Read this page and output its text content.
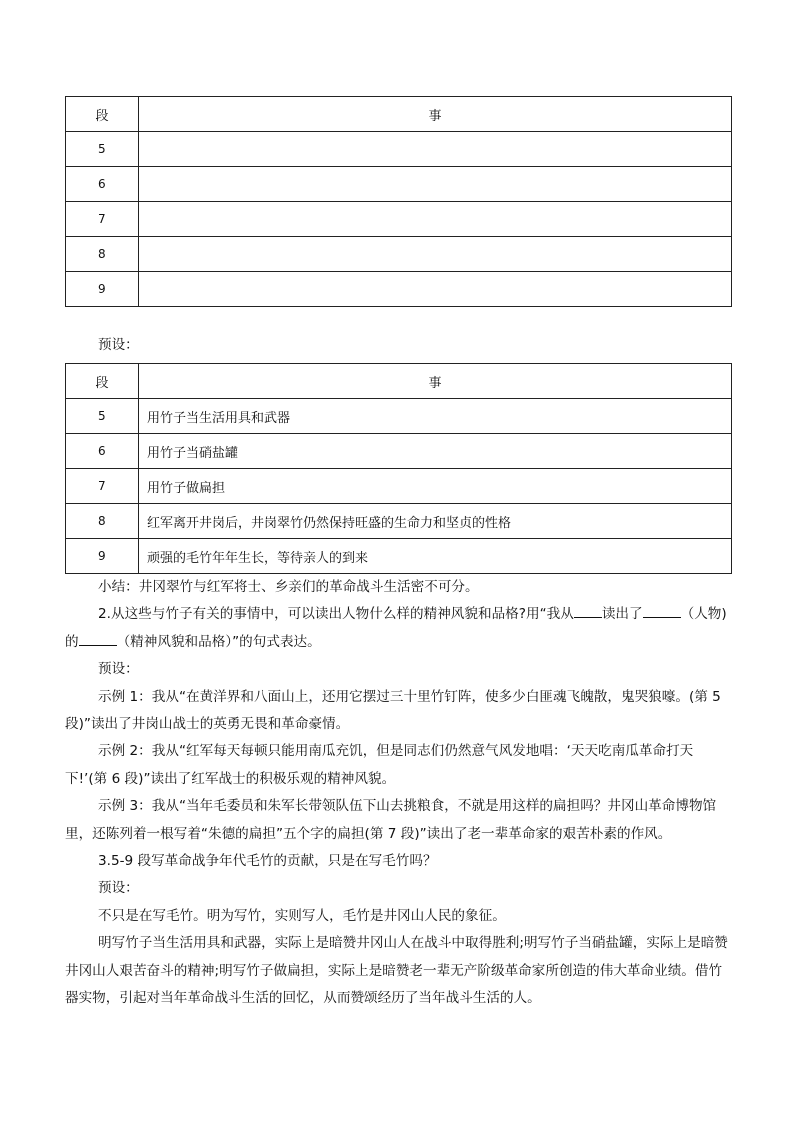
段	事
5	
6	
7	
8	
9	

预设：

段	事
5	用竹子当生活用具和武器
6	用竹子当硝盐罐
7	用竹子做扁担
8	红军离开井岗后，井岗翠竹仍然保持旺盛的生命力和坚贞的性格
9	顽强的毛竹年年生长，等待亲人的到来
小结：井冈翠竹与红军将士、乡亲们的革命战斗生活密不可分。
2.从这些与竹子有关的事情中，可以读出人物什么样的精神风貌和品格?用“我从 读出了	（人物)的	（精神风貌和品格）”的句式表达。
预设：
示例 1：我从“在黄洋界和八面山上，还用它摆过三十里竹钉阵，使多少白匪魂飞魄散，鬼哭狼嚎。(第 5 段)”读出了井岗山战士的英勇无畏和革命豪情。
示例 2：我从“红军每天每顿只能用南瓜充饥，但是同志们仍然意气风发地唱：‘天天吃南瓜革命打天下!’(第 6 段)”读出了红军战士的积极乐观的精神风貌。
示例 3：我从“当年毛委员和朱军长带领队伍下山去挑粮食，不就是用这样的扁担吗？井冈山革命博物馆里，还陈列着一根写着“朱德的扁担”五个字的扁担(第 7 段)”读出了老一辈革命家的艰苦朴素的作风。
3.5-9 段写革命战争年代毛竹的贡献，只是在写毛竹吗？
预设：
不只是在写毛竹。明为写竹，实则写人，毛竹是井冈山人民的象征。
明写竹子当生活用具和武器，实际上是暗赞井冈山人在战斗中取得胜利;明写竹子当硝盐罐，实际上是暗赞井冈山人艰苦奋斗的精神;明写竹子做扁担，实际上是暗赞老一辈无产阶级革命家所创造的伟大革命业绩。借竹器实物，引起对当年革命战斗生活的回忆，从而赞颂经历了当年战斗生活的人。
